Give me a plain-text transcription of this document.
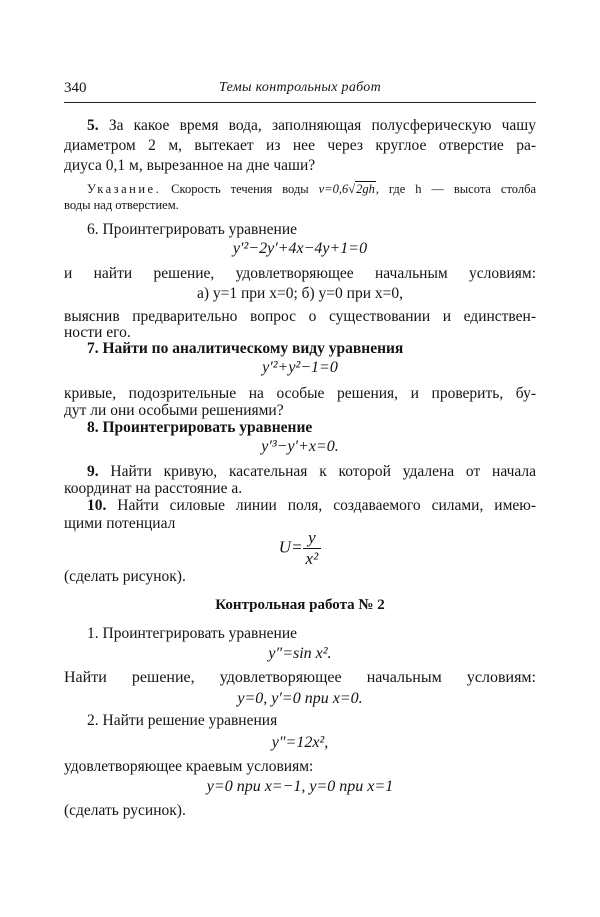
340	Темы контрольных работ
5. За какое время вода, заполняющая полусферическую чашу
диаметром 2 м, вытекает из нее через круглое отверстие ра-
диуса 0,1 м, вырезанное на дне чаши?
Указание. Скорость течения воды v=0,6√2gh, где h — высота столба
воды над отверстием.
6. Проинтегрировать уравнение
y′²−2y′+4x−4y+1=0
и найти решение, удовлетворяющее начальным условиям:
а) y=1 при x=0; б) y=0 при x=0,
выяснив предварительно вопрос о существовании и единствен-
ности его.
7. Найти по аналитическому виду уравнения
y′²+y²−1=0
кривые, подозрительные на особые решения, и проверить, бу-
дут ли они особыми решениями?
8. Проинтегрировать уравнение
y′³−y′+x=0.
9. Найти кривую, касательная к которой удалена от начала
координат на расстояние a.
10. Найти силовые линии поля, создаваемого силами, имею-
щими потенциал
$U= \frac{y}{\text{x²}}$
(сделать рисунок).
Контрольная работа № 2
1. Проинтегрировать уравнение
y″=sin x².
Найти решение, удовлетворяющее начальным условиям:
y=0, y′=0 при x=0.
2. Найти решение уравнения
y″=12x²,
удовлетворяющее краевым условиям:
y=0 при x=−1, y=0 при x=1
(сделать русинок).
